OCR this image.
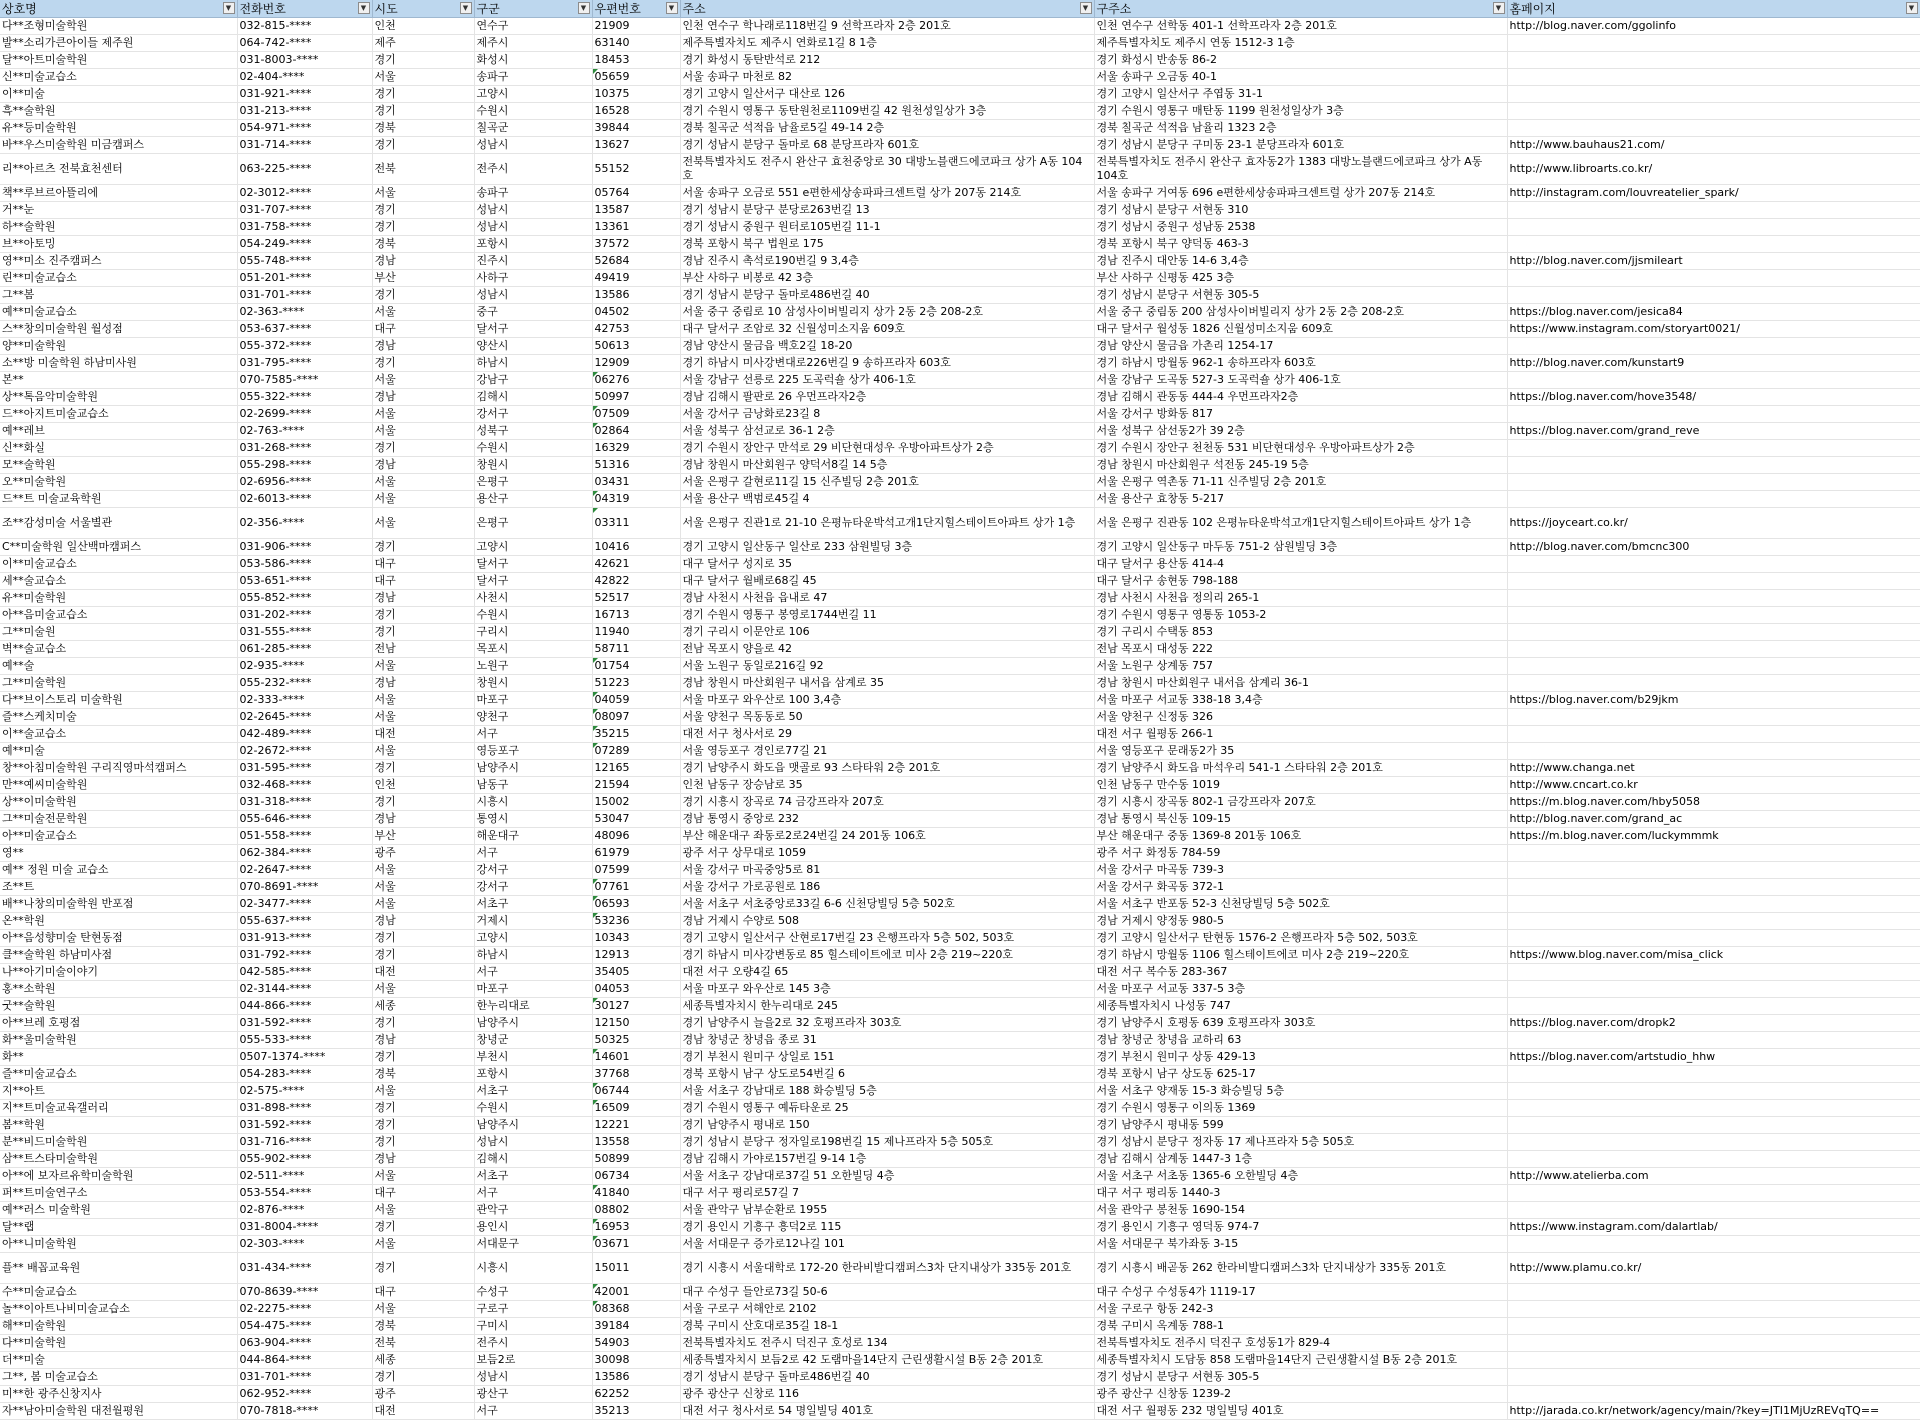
상호명 ▼	전화번호 ▼	시도 ▼	구군 ▼	우편번호 ▼	주소 ▼	구주소 ▼	홈페이지 ▼

다**조형미술학원	032-815-****	인천	연수구	21909	인천 연수구 학나래로118번길 9 선학프라자 2층 201호	인천 연수구 선학동 401-1 선학프라자 2층 201호	http://blog.naver.com/ggolinfo
발**소리가큰아이들 제주원	064-742-****	제주	제주시	63140	제주특별자치도 제주시 연화로1길 8 1층	제주특별자치도 제주시 연동 1512-3 1층	
달**아트미술학원	031-8003-****	경기	화성시	18453	경기 화성시 동탄반석로 212	경기 화성시 반송동 86-2	
신**미술교습소	02-404-****	서울	송파구	05659	서울 송파구 마천로 82	서울 송파구 오금동 40-1	
이**미술	031-921-****	경기	고양시	10375	경기 고양시 일산서구 대산로 126	경기 고양시 일산서구 주엽동 31-1	
흑**술학원	031-213-****	경기	수원시	16528	경기 수원시 영통구 동탄원천로1109번길 42 원천성일상가 3층	경기 수원시 영통구 매탄동 1199 원천성일상가 3층	
유**등미술학원	054-971-****	경북	칠곡군	39844	경북 칠곡군 석적읍 남율로5길 49-14 2층	경북 칠곡군 석적읍 남율리 1323 2층	
바**우스미술학원 미금캠퍼스	031-714-****	경기	성남시	13627	경기 성남시 분당구 돌마로 68 분당프라자 601호	경기 성남시 분당구 구미동 23-1 분당프라자 601호	http://www.bauhaus21.com/
리**아르츠 전북효천센터	063-225-****	전북	전주시	55152	전북특별자치도 전주시 완산구 효천중앙로 30 대방노블랜드에코파크 상가 A동 104호	전북특별자치도 전주시 완산구 효자동2가 1383 대방노블랜드에코파크 상가 A동 104호	http://www.libroarts.co.kr/
책**루브르아뜰리에	02-3012-****	서울	송파구	05764	서울 송파구 오금로 551 e편한세상송파파크센트럴 상가 207동 214호	서울 송파구 거여동 696 e편한세상송파파크센트럴 상가 207동 214호	http://instagram.com/louvreatelier_spark/
거**눈	031-707-****	경기	성남시	13587	경기 성남시 분당구 분당로263번길 13	경기 성남시 분당구 서현동 310	
하**술학원	031-758-****	경기	성남시	13361	경기 성남시 중원구 원터로105번길 11-1	경기 성남시 중원구 성남동 2538	
브**아토밍	054-249-****	경북	포항시	37572	경북 포항시 북구 법원로 175	경북 포항시 북구 양덕동 463-3	
영**미소 진주캠퍼스	055-748-****	경남	진주시	52684	경남 진주시 촉석로190번길 9 3,4층	경남 진주시 대안동 14-6 3,4층	http://blog.naver.com/jjsmileart
린**미술교습소	051-201-****	부산	사하구	49419	부산 사하구 비봉로 42 3층	부산 사하구 신평동 425 3층	
그**봄	031-701-****	경기	성남시	13586	경기 성남시 분당구 돌마로486번길 40	경기 성남시 분당구 서현동 305-5	
예**미술교습소	02-363-****	서울	중구	04502	서울 중구 중림로 10 삼성사이버빌리지 상가 2동 2층 208-2호	서울 중구 중림동 200 삼성사이버빌리지 상가 2동 2층 208-2호	https://blog.naver.com/jesica84
스**창의미술학원 월성점	053-637-****	대구	달서구	42753	대구 달서구 조암로 32 신월성미소지움 609호	대구 달서구 월성동 1826 신월성미소지움 609호	https://www.instagram.com/storyart0021/
양**미술학원	055-372-****	경남	양산시	50613	경남 양산시 물금읍 백호2길 18-20	경남 양산시 물금읍 가촌리 1254-17	
소**방 미술학원 하남미사원	031-795-****	경기	하남시	12909	경기 하남시 미사강변대로226번길 9 송하프라자 603호	경기 하남시 망월동 962-1 송하프라자 603호	http://blog.naver.com/kunstart9
본**	070-7585-****	서울	강남구	06276	서울 강남구 선릉로 225 도곡럭숄 상가 406-1호	서울 강남구 도곡동 527-3 도곡럭숄 상가 406-1호	
상**톡음악미술학원	055-322-****	경남	김해시	50997	경남 김해시 팔판로 26 우먼프라자2층	경남 김해시 관동동 444-4 우먼프라자2층	https://blog.naver.com/hove3548/
드**아지트미술교습소	02-2699-****	서울	강서구	07509	서울 강서구 금낭화로23길 8	서울 강서구 방화동 817	
예**레브	02-763-****	서울	성북구	02864	서울 성북구 삼선교로 36-1 2층	서울 성북구 삼선동2가 39 2층	https://blog.naver.com/grand_reve
신**화실	031-268-****	경기	수원시	16329	경기 수원시 장안구 만석로 29 비단현대성우 우방아파트상가 2층	경기 수원시 장안구 천천동 531 비단현대성우 우방아파트상가 2층	
모**술학원	055-298-****	경남	창원시	51316	경남 창원시 마산회원구 양덕서8길 14 5층	경남 창원시 마산회원구 석전동 245-19 5층	
오**미술학원	02-6956-****	서울	은평구	03431	서울 은평구 갈현로11길 15 신주빌딩 2층 201호	서울 은평구 역촌동 71-11 신주빌딩 2층 201호	
드**트 미술교육학원	02-6013-****	서울	용산구	04319	서울 용산구 백범로45길 4	서울 용산구 효창동 5-217	
조**감성미술 서울별관	02-356-****	서울	은평구	03311	서울 은평구 진관1로 21-10 은평뉴타운박석고개1단지힐스테이트아파트 상가 1층	서울 은평구 진관동 102 은평뉴타운박석고개1단지힐스테이트아파트 상가 1층	https://joyceart.co.kr/
C**미술학원 일산백마캠퍼스	031-906-****	경기	고양시	10416	경기 고양시 일산동구 일산로 233 삼원빌딩 3층	경기 고양시 일산동구 마두동 751-2 삼원빌딩 3층	http://blog.naver.com/bmcnc300
이**미술교습소	053-586-****	대구	달서구	42621	대구 달서구 성지로 35	대구 달서구 용산동 414-4	
세**술교습소	053-651-****	대구	달서구	42822	대구 달서구 월배로68길 45	대구 달서구 송현동 798-188	
유**미술학원	055-852-****	경남	사천시	52517	경남 사천시 사천읍 읍내로 47	경남 사천시 사천읍 정의리 265-1	
아**음미술교습소	031-202-****	경기	수원시	16713	경기 수원시 영통구 봉영로1744번길 11	경기 수원시 영통구 영통동 1053-2	
그**미술원	031-555-****	경기	구리시	11940	경기 구리시 이문안로 106	경기 구리시 수택동 853	
벽**술교습소	061-285-****	전남	목포시	58711	전남 목포시 양을로 42	전남 목포시 대성동 222	
예**술	02-935-****	서울	노원구	01754	서울 노원구 동일로216길 92	서울 노원구 상계동 757	
그**미술학원	055-232-****	경남	창원시	51223	경남 창원시 마산회원구 내서읍 삼계로 35	경남 창원시 마산회원구 내서읍 삼계리 36-1	
다**브이스토리 미술학원	02-333-****	서울	마포구	04059	서울 마포구 와우산로 100 3,4층	서울 마포구 서교동 338-18 3,4층	https://blog.naver.com/b29jkm
즐**스케치미술	02-2645-****	서울	양천구	08097	서울 양천구 목동동로 50	서울 양천구 신정동 326	
이**술교습소	042-489-****	대전	서구	35215	대전 서구 청사서로 29	대전 서구 월평동 266-1	
예**미술	02-2672-****	서울	영등포구	07289	서울 영등포구 경인로77길 21	서울 영등포구 문래동2가 35	
창**아침미술학원 구리직영마석캠퍼스	031-595-****	경기	남양주시	12165	경기 남양주시 화도읍 맷골로 93 스타타워 2층 201호	경기 남양주시 화도읍 마석우리 541-1 스타타워 2층 201호	http://www.changa.net
만**예씨미술학원	032-468-****	인천	남동구	21594	인천 남동구 장승남로 35	인천 남동구 만수동 1019	http://www.cncart.co.kr
상**이미술학원	031-318-****	경기	시흥시	15002	경기 시흥시 장곡로 74 금강프라자 207호	경기 시흥시 장곡동 802-1 금강프라자 207호	https://m.blog.naver.com/hby5058
그**미술전문학원	055-646-****	경남	통영시	53047	경남 통영시 중앙로 232	경남 통영시 북신동 109-15	http://blog.naver.com/grand_ac
아**미술교습소	051-558-****	부산	해운대구	48096	부산 해운대구 좌동로2로24번길 24 201동 106호	부산 해운대구 중동 1369-8 201동 106호	https://m.blog.naver.com/luckymmmk
영**	062-384-****	광주	서구	61979	광주 서구 상무대로 1059	광주 서구 화정동 784-59	
예** 정원 미술 교습소	02-2647-****	서울	강서구	07599	서울 강서구 마곡중앙5로 81	서울 강서구 마곡동 739-3	
조**트	070-8691-****	서울	강서구	07761	서울 강서구 가로공원로 186	서울 강서구 화곡동 372-1	
배**나창의미술학원 반포점	02-3477-****	서울	서초구	06593	서울 서초구 서초중앙로33길 6-6 신천당빌딩 5층 502호	서울 서초구 반포동 52-3 신천당빌딩 5층 502호	
온**학원	055-637-****	경남	거제시	53236	경남 거제시 수양로 508	경남 거제시 양정동 980-5	
아**음성향미술 탄현동점	031-913-****	경기	고양시	10343	경기 고양시 일산서구 산현로17번길 23 은행프라자 5층 502, 503호	경기 고양시 일산서구 탄현동 1576-2 은행프라자 5층 502, 503호	
클**술학원 하남미사점	031-792-****	경기	하남시	12913	경기 하남시 미사강변동로 85 힐스테이트에코 미사 2층 219~220호	경기 하남시 망월동 1106 힐스테이트에코 미사 2층 219~220호	https://www.blog.naver.com/misa_click
나**아기미술이야기	042-585-****	대전	서구	35405	대전 서구 오량4길 65	대전 서구 복수동 283-367	
홍**소학원	02-3144-****	서울	마포구	04053	서울 마포구 와우산로 145 3층	서울 마포구 서교동 337-5 3층	
굿**술학원	044-866-****	세종	한누리대로	30127	세종특별자치시 한누리대로 245	세종특별자치시 나성동 747	
아**브레 호평점	031-592-****	경기	남양주시	12150	경기 남양주시 늘을2로 32 호평프라자 303호	경기 남양주시 호평동 639 호평프라자 303호	https://blog.naver.com/dropk2
화**울미술학원	055-533-****	경남	창녕군	50325	경남 창녕군 창녕읍 종로 31	경남 창녕군 창녕읍 교하리 63	
화**	0507-1374-****	경기	부천시	14601	경기 부천시 원미구 상일로 151	경기 부천시 원미구 상동 429-13	https://blog.naver.com/artstudio_hhw
즐**미술교습소	054-283-****	경북	포항시	37768	경북 포항시 남구 상도로54번길 6	경북 포항시 남구 상도동 625-17	
지**아트	02-575-****	서울	서초구	06744	서울 서초구 강남대로 188 화승빌딩 5층	서울 서초구 양재동 15-3 화승빌딩 5층	
지**트미술교육갤러리	031-898-****	경기	수원시	16509	경기 수원시 영통구 예듀타운로 25	경기 수원시 영통구 이의동 1369	
봄**학원	031-592-****	경기	남양주시	12221	경기 남양주시 평내로 150	경기 남양주시 평내동 599	
분**비드미술학원	031-716-****	경기	성남시	13558	경기 성남시 분당구 정자일로198번길 15 제나프라자 5층 505호	경기 성남시 분당구 정자동 17 제나프라자 5층 505호	
삼**트스타미술학원	055-902-****	경남	김해시	50899	경남 김해시 가야로157번길 9-14 1층	경남 김해시 삼계동 1447-3 1층	
아**에 보자르유학미술학원	02-511-****	서울	서초구	06734	서울 서초구 강남대로37길 51 오한빌딩 4층	서울 서초구 서초동 1365-6 오한빌딩 4층	http://www.atelierba.com
퍼**트미술연구소	053-554-****	대구	서구	41840	대구 서구 평리로57길 7	대구 서구 평리동 1440-3	
예**러스 미술학원	02-876-****	서울	관악구	08802	서울 관악구 남부순환로 1955	서울 관악구 봉천동 1690-154	
달**랩	031-8004-****	경기	용인시	16953	경기 용인시 기흥구 흥덕2로 115	경기 용인시 기흥구 영덕동 974-7	https://www.instagram.com/dalartlab/
아**니미술학원	02-303-****	서울	서대문구	03671	서울 서대문구 증가로12나길 101	서울 서대문구 북가좌동 3-15	
플** 배꼽교육원	031-434-****	경기	시흥시	15011	경기 시흥시 서울대학로 172-20 한라비발디캠퍼스3차 단지내상가 335동 201호	경기 시흥시 배곧동 262 한라비발디캠퍼스3차 단지내상가 335동 201호	http://www.plamu.co.kr/
수**미술교습소	070-8639-****	대구	수성구	42001	대구 수성구 들안로73길 50-6	대구 수성구 수성동4가 1119-17	
놀**이아트나비미술교습소	02-2275-****	서울	구로구	08368	서울 구로구 서해안로 2102	서울 구로구 항동 242-3	
해**미술학원	054-475-****	경북	구미시	39184	경북 구미시 산호대로35길 18-1	경북 구미시 옥계동 788-1	
다**미술학원	063-904-****	전북	전주시	54903	전북특별자치도 전주시 덕진구 호성로 134	전북특별자치도 전주시 덕진구 호성동1가 829-4	
더**미술	044-864-****	세종	보듬2로	30098	세종특별자치시 보듬2로 42 도램마을14단지 근린생활시설 B동 2층 201호	세종특별자치시 도담동 858 도램마을14단지 근린생활시설 B동 2층 201호	
그**, 봄 미술교습소	031-701-****	경기	성남시	13586	경기 성남시 분당구 돌마로486번길 40	경기 성남시 분당구 서현동 305-5	
미**한 광주신창지사	062-952-****	광주	광산구	62252	광주 광산구 신창로 116	광주 광산구 신창동 1239-2	
자**남아미술학원 대전월평원	070-7818-****	대전	서구	35213	대전 서구 청사서로 54 명일빌딩 401호	대전 서구 월평동 232 명일빌딩 401호	http://jarada.co.kr/network/agency/main/?key=JTI1MjUzREVqTQ==
